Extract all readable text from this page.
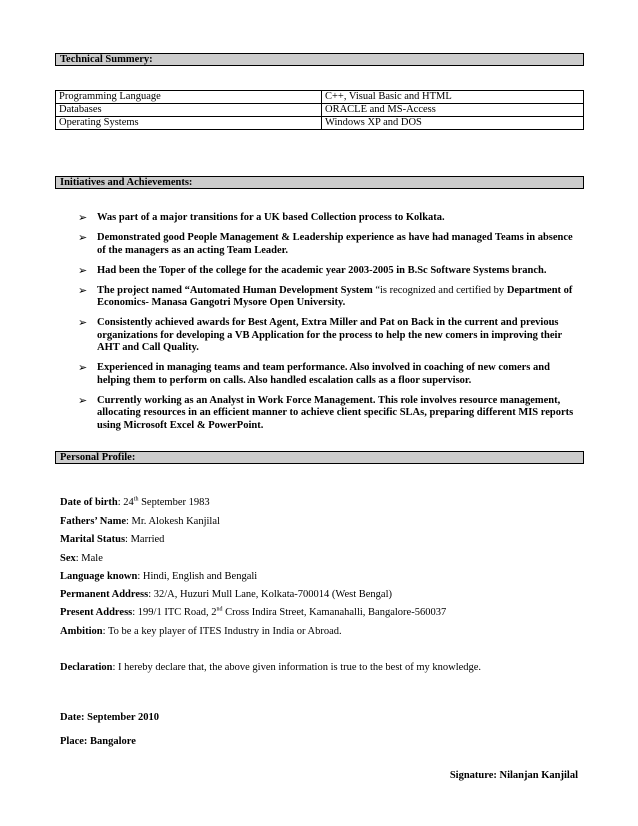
Technical Summery:
Programming Language	C++, Visual Basic and HTML
Databases	ORACLE and MS-Access
Operating Systems	Windows XP and DOS
Initiatives and Achievements:
➢ Was part of a major transitions for a UK based Collection process to Kolkata.
➢ Demonstrated good People Management & Leadership experience as have had managed Teams in absence of the managers as an acting Team Leader.
➢ Had been the Toper of the college for the academic year 2003-2005 in B.Sc Software Systems branch.
➢ The project named “Automated Human Development System “is recognized and certified by Department of Economics- Manasa Gangotri Mysore Open University.
➢ Consistently achieved awards for Best Agent, Extra Miller and Pat on Back in the current and previous organizations for developing a VB Application for the process to help the new comers in improving their AHT and Call Quality.
➢ Experienced in managing teams and team performance. Also involved in coaching of new comers and helping them to perform on calls. Also handled escalation calls as a floor supervisor.
➢ Currently working as an Analyst in Work Force Management. This role involves resource management, allocating resources in an efficient manner to achieve client specific SLAs, preparing different MIS reports using Microsoft Excel & PowerPoint.
Personal Profile:
Date of birth: 24th September 1983
Fathers’ Name: Mr. Alokesh Kanjilal
Marital Status: Married
Sex: Male
Language known: Hindi, English and Bengali
Permanent Address: 32/A, Huzuri Mull Lane, Kolkata-700014 (West Bengal)
Present Address: 199/1 ITC Road, 2nd Cross Indira Street, Kamanahalli, Bangalore-560037
Ambition: To be a key player of ITES Industry in India or Abroad.
Declaration: I hereby declare that, the above given information is true to the best of my knowledge.
Date: September 2010
Place: Bangalore
Signature: Nilanjan Kanjilal
